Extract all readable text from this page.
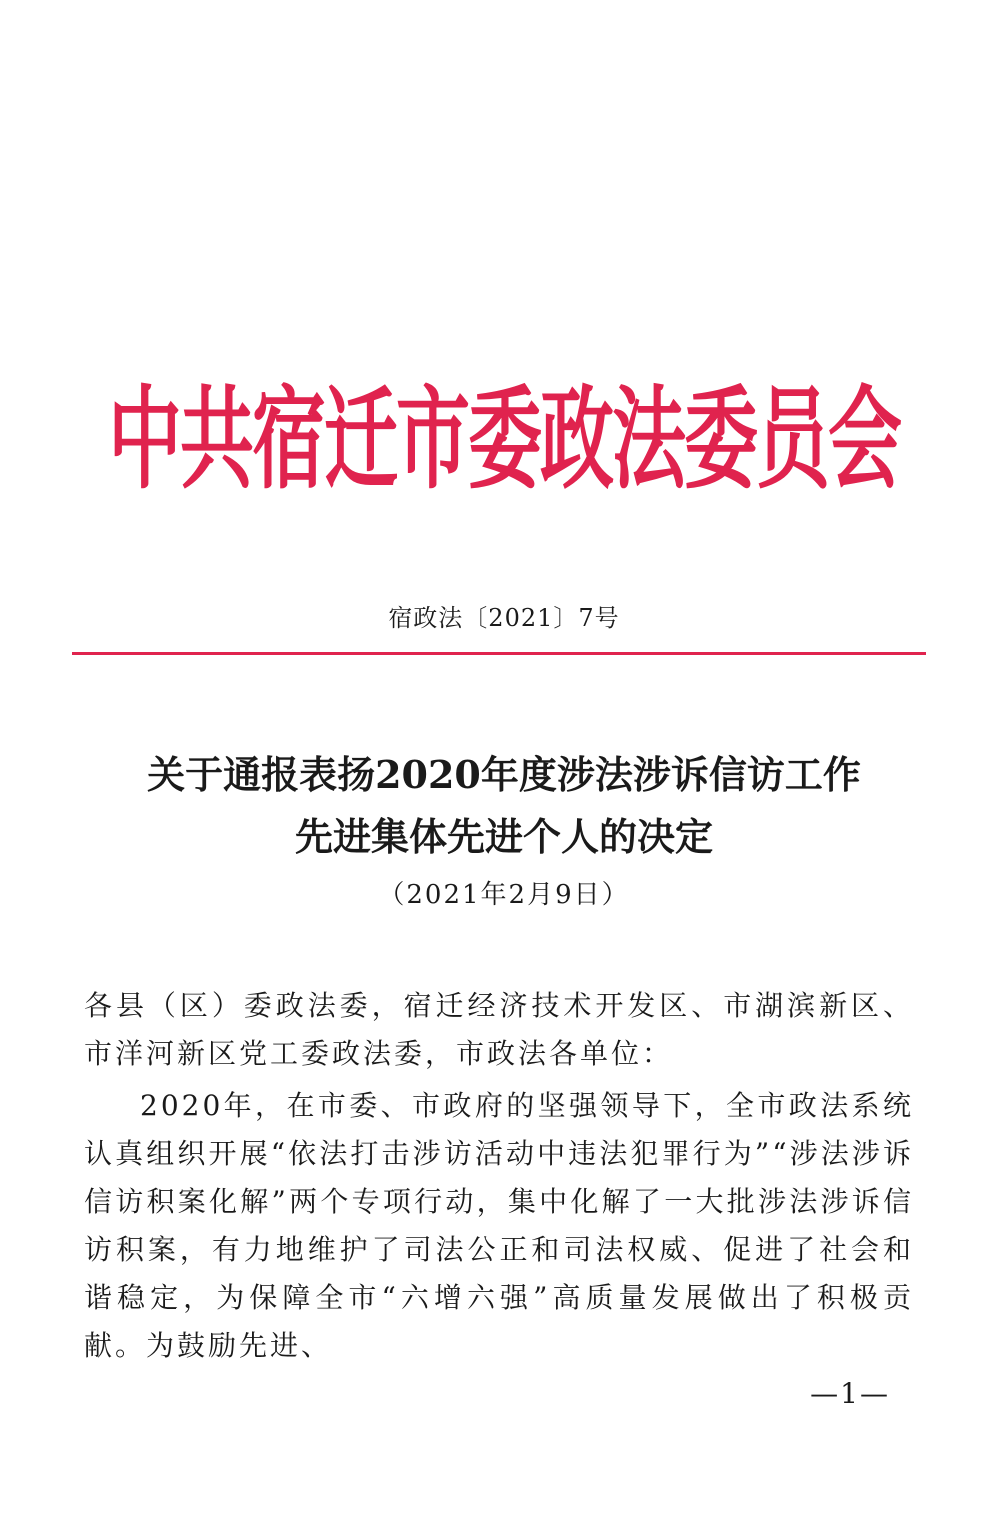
中共宿迁市委政法委员会
宿政法〔2021〕7号
关于通报表扬2020年度涉法涉诉信访工作
先进集体先进个人的决定
（2021年2月9日）

各县（区）委政法委，宿迁经济技术开发区、市湖滨新区、市洋河新区党工委政法委，市政法各单位：

2020年，在市委、市政府的坚强领导下，全市政法系统认真组织开展“依法打击涉访活动中违法犯罪行为”“涉法涉诉信访积案化解”两个专项行动，集中化解了一大批涉法涉诉信访积案，有力地维护了司法公正和司法权威、促进了社会和谐稳定，为保障全市“六增六强”高质量发展做出了积极贡献。为鼓励先进、

—1—
